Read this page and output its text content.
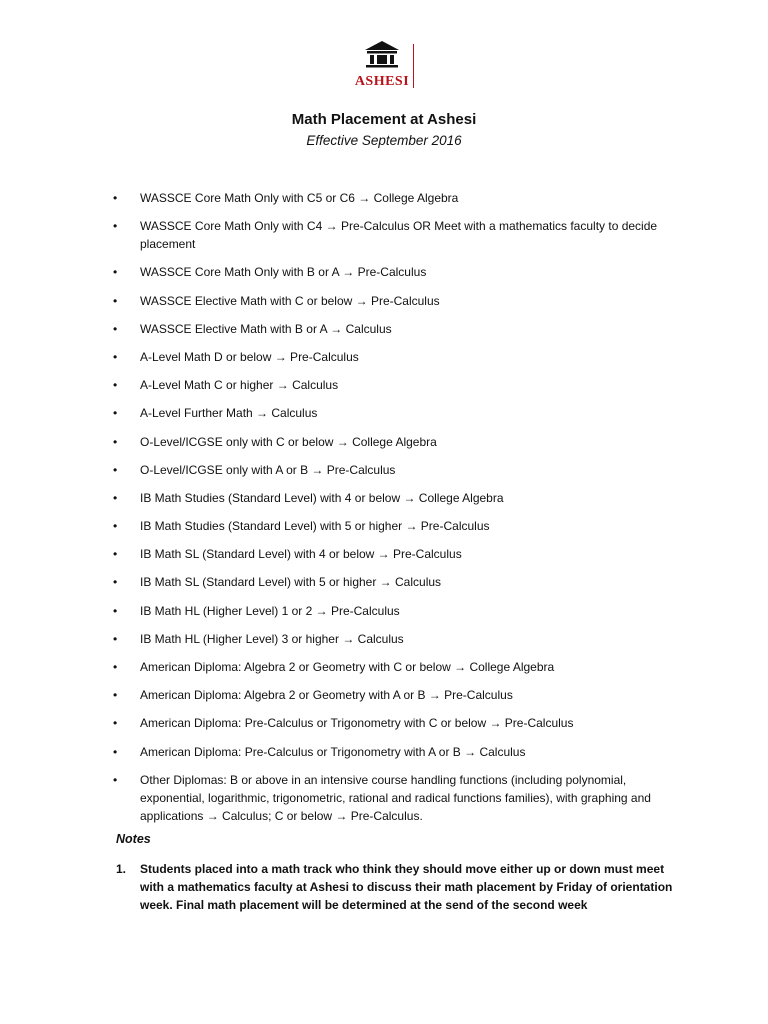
ASHESI
Math Placement at Ashesi
Effective September 2016
• WASSCE Core Math Only with C5 or C6 → College Algebra
• WASSCE Core Math Only with C4 → Pre-Calculus OR Meet with a mathematics faculty to decide placement
• WASSCE Core Math Only with B or A → Pre-Calculus
• WASSCE Elective Math with C or below → Pre-Calculus
• WASSCE Elective Math with B or A → Calculus
• A-Level Math D or below → Pre-Calculus
• A-Level Math C or higher → Calculus
• A-Level Further Math → Calculus
• O-Level/ICGSE only with C or below → College Algebra
• O-Level/ICGSE only with A or B → Pre-Calculus
• IB Math Studies (Standard Level) with 4 or below → College Algebra
• IB Math Studies (Standard Level) with 5 or higher → Pre-Calculus
• IB Math SL (Standard Level) with 4 or below → Pre-Calculus
• IB Math SL (Standard Level) with 5 or higher → Calculus
• IB Math HL (Higher Level) 1 or 2 → Pre-Calculus
• IB Math HL (Higher Level) 3 or higher → Calculus
• American Diploma: Algebra 2 or Geometry with C or below → College Algebra
• American Diploma: Algebra 2 or Geometry with A or B → Pre-Calculus
• American Diploma: Pre-Calculus or Trigonometry with C or below → Pre-Calculus
• American Diploma: Pre-Calculus or Trigonometry with A or B → Calculus
• Other Diplomas: B or above in an intensive course handling functions (including polynomial, exponential, logarithmic, trigonometric, rational and radical functions families), with graphing and applications → Calculus; C or below → Pre-Calculus.
Notes
1. Students placed into a math track who think they should move either up or down must meet with a mathematics faculty at Ashesi to discuss their math placement by Friday of orientation week. Final math placement will be determined at the send of the second week
